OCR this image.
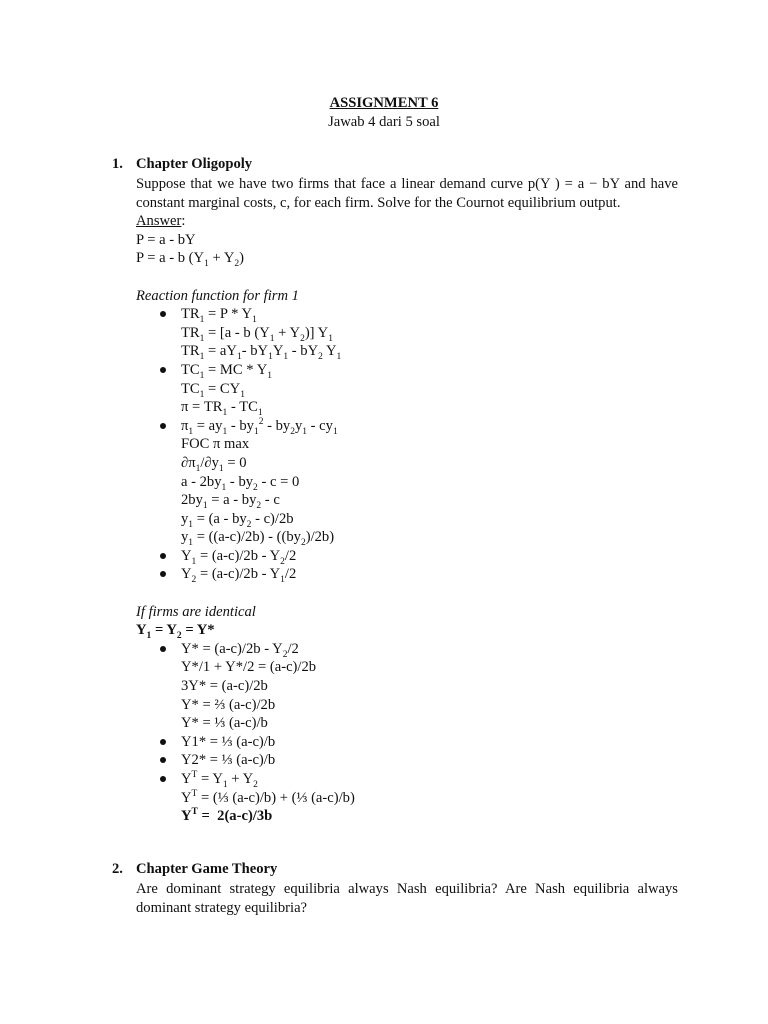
ASSIGNMENT 6
Jawab 4 dari 5 soal
1. Chapter Oligopoly
Suppose that we have two firms that face a linear demand curve p(Y ) = a − bY and have constant marginal costs, c, for each firm. Solve for the Cournot equilibrium output.
Answer:
P = a - bY
P = a - b $(Y_1 + Y_2)$
Reaction function for firm 1
$TR_1 = P * Y_1$
$TR_1 = [a - b$ $(Y_1 + Y_2)$] $Y_1$
$TR_1 = aY_1-$ $bY_1Y_1 - bY_2$ $Y_1$
$TC_1$ = MC * $Y_1$
$TC_1 = CY_1$
$\pi = TR_1 - TC_1$
$\pi_1 = ay_1 - by_1^2 - by_2y_1 - cy_1$
FOC π max
$\partial\pi_1/\partial y_1 = 0$
$a - 2by_1 - by_2 - c = 0$
$2by_1 = a - by_2 - c$
$y_1 = (a - by_2 - c)/2b$
$y_1 = ((a-c)/2b) - ((by_2)/2b)$
$Y_1 = (a-c)/2b - Y_2/2$
$Y_2 = (a-c)/2b - Y_1/2$
If firms are identical
$Y_1 = Y_2 = Y*$
$Y* = (a-c)/2b - Y_2/2$
Y*/1 + Y*/2 = (a-c)/2b
3Y* = (a-c)/2b
Y* = ⅔ (a-c)/2b
Y* = ⅓ (a-c)/b
Y1* = ⅓ (a-c)/b
Y2* = ⅓ (a-c)/b
$Y^T = Y_1 + Y_2$
$Y^T$ = (⅓ (a-c)/b) + (⅓ (a-c)/b)
$Y^T = 2(a-c)/3b$
2. Chapter Game Theory
Are dominant strategy equilibria always Nash equilibria? Are Nash equilibria always dominant strategy equilibria?
